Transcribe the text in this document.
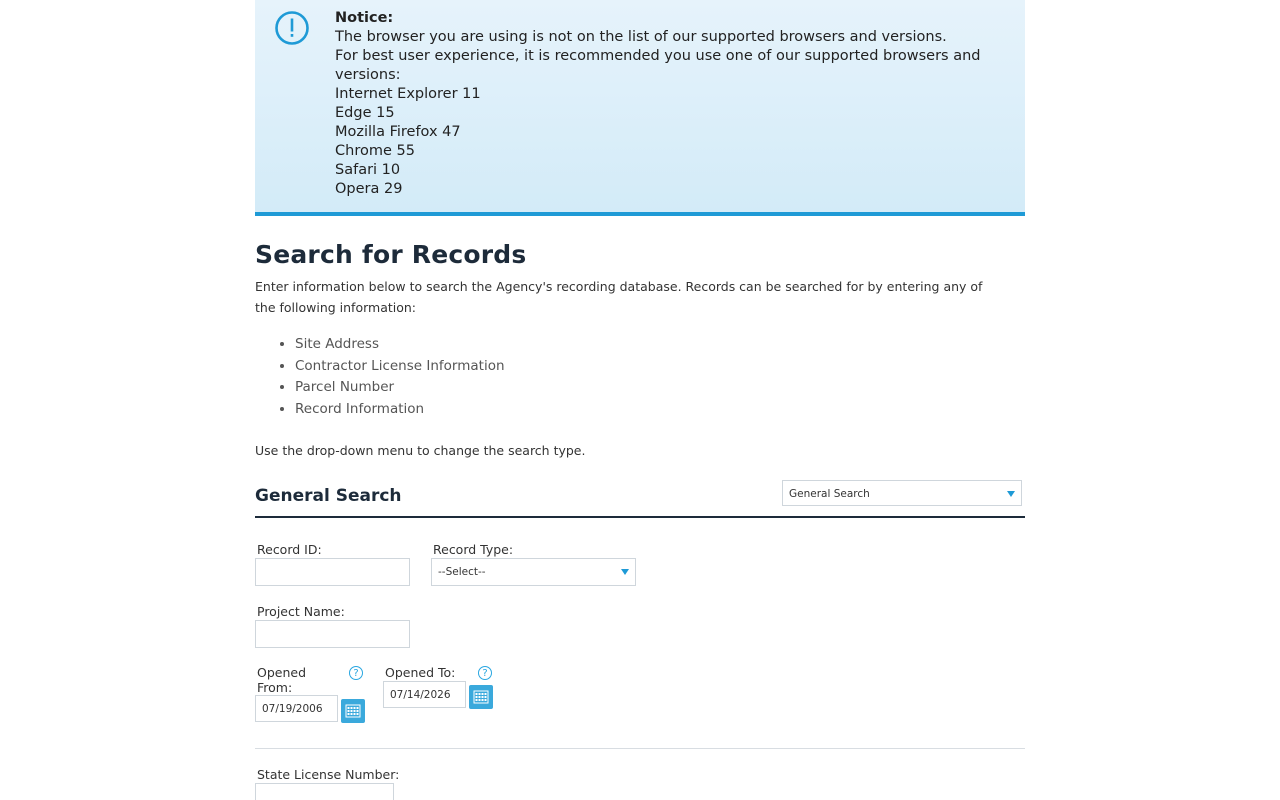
Notice:
The browser you are using is not on the list of our supported browsers and versions.
For best user experience, it is recommended you use one of our supported browsers and versions:
Internet Explorer 11
Edge 15
Mozilla Firefox 47
Chrome 55
Safari 10
Opera 29
Search for Records
Enter information below to search the Agency's recording database. Records can be searched for by entering any of the following information:
• Site Address
• Contractor License Information
• Parcel Number
• Record Information
Use the drop-down menu to change the search type.
General Search	General Search
Record ID:	Record Type:
--Select--
Project Name:
Opened
From:
?
07/19/2006
Opened To:	?
07/14/2026
State License Number:
